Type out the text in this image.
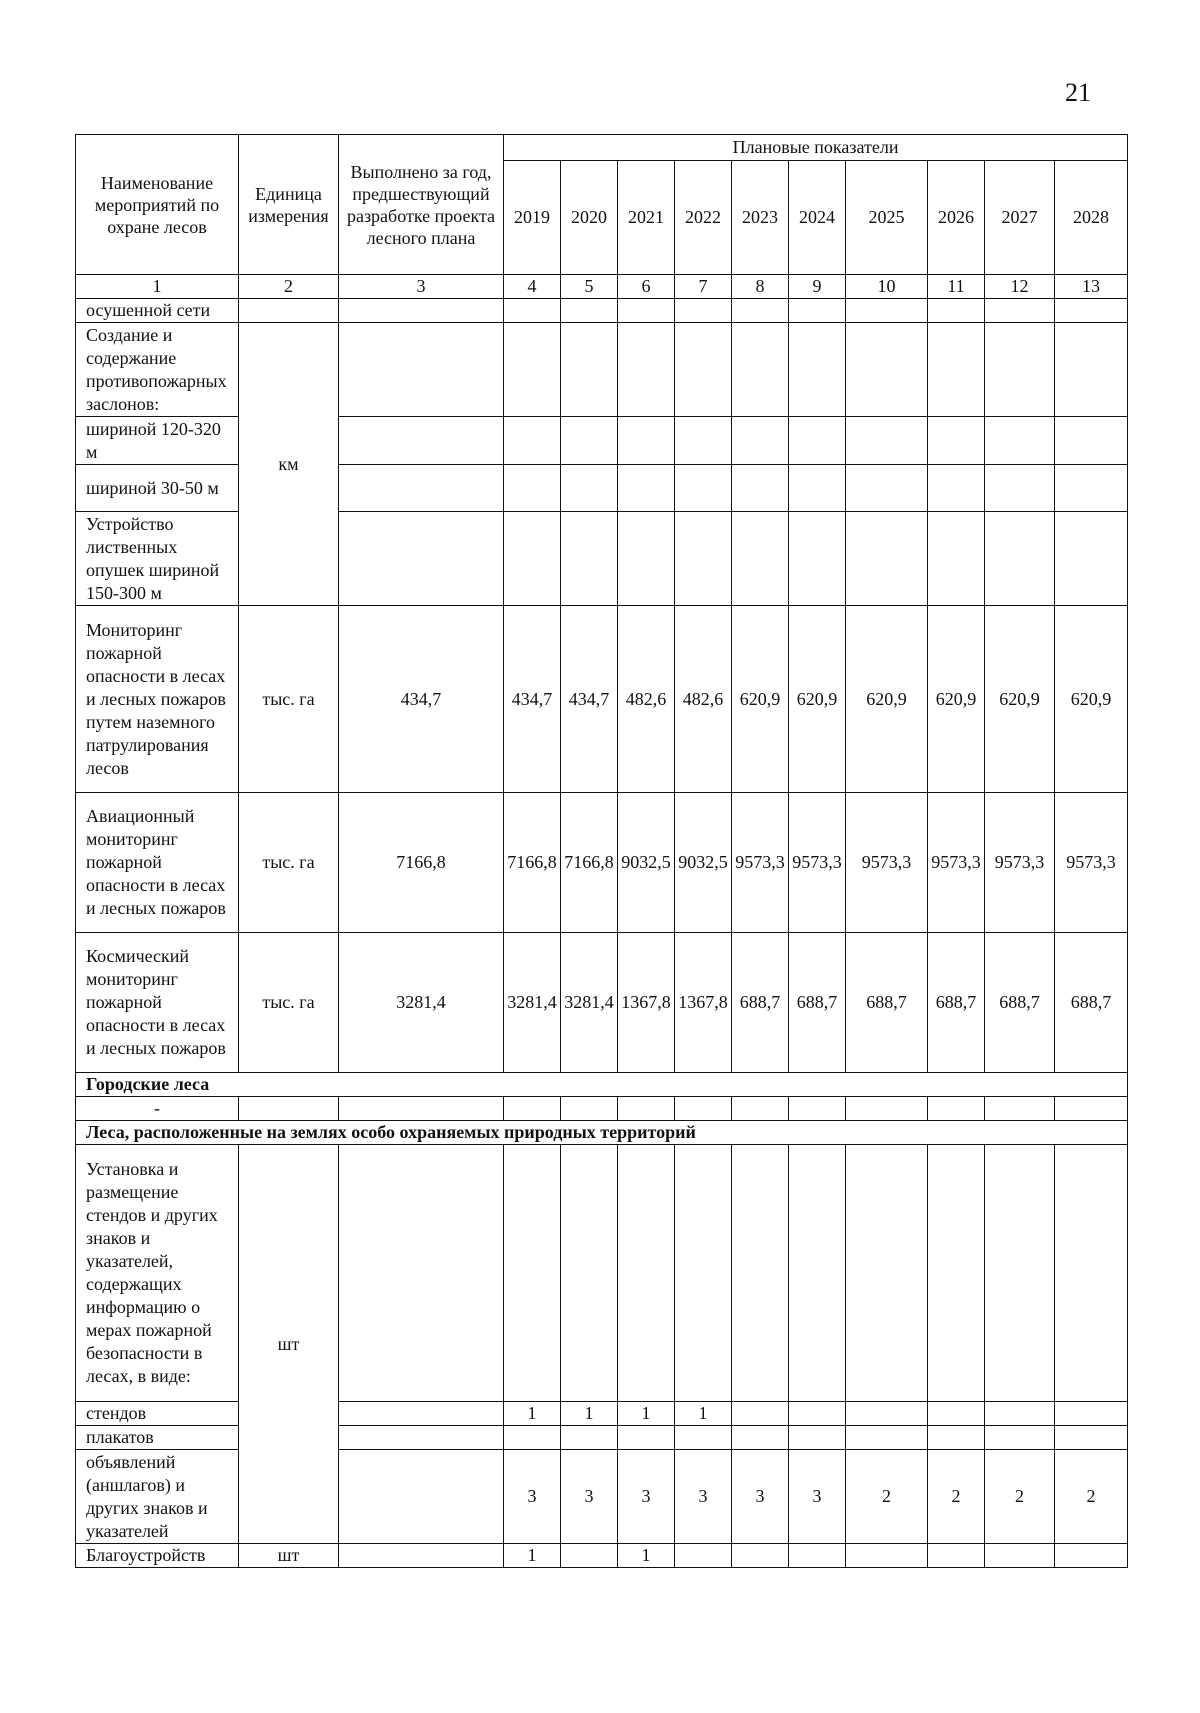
21
Наименование мероприятий по охране лесов	Единица измерения	Выполнено за год, предшествующий разработке проекта лесного плана	Плановые показатели									
			2019	2020	2021	2022	2023	2024	2025	2026	2027	2028
1	2	3	4	5	6	7	8	9	10	11	12	13
осушенной сети												
Создание и содержание противопожарных заслонов:	км											
шириной 120-320 м												
шириной 30-50 м												
Устройство лиственных опушек шириной 150-300 м												
Мониторинг пожарной опасности в лесах и лесных пожаров путем наземного патрулирования лесов	тыс. га	434,7	434,7	434,7	482,6	482,6	620,9	620,9	620,9	620,9	620,9	620,9
Авиационный мониторинг пожарной опасности в лесах и лесных пожаров	тыс. га	7166,8	7166,8	7166,8	9032,5	9032,5	9573,3	9573,3	9573,3	9573,3	9573,3	9573,3
Космический мониторинг пожарной опасности в лесах и лесных пожаров	тыс. га	3281,4	3281,4	3281,4	1367,8	1367,8	688,7	688,7	688,7	688,7	688,7	688,7
Городские леса												
-												
Леса, расположенные на землях особо охраняемых природных территорий												
Установка и размещение стендов и других знаков и указателей, содержащих информацию о мерах пожарной безопасности в лесах, в виде:	шт											
стендов			1	1	1	1						
плакатов												
объявлений (аншлагов) и других знаков и указателей			3	3	3	3	3	3	2	2	2	2
Благоустройств	шт		1		1							
